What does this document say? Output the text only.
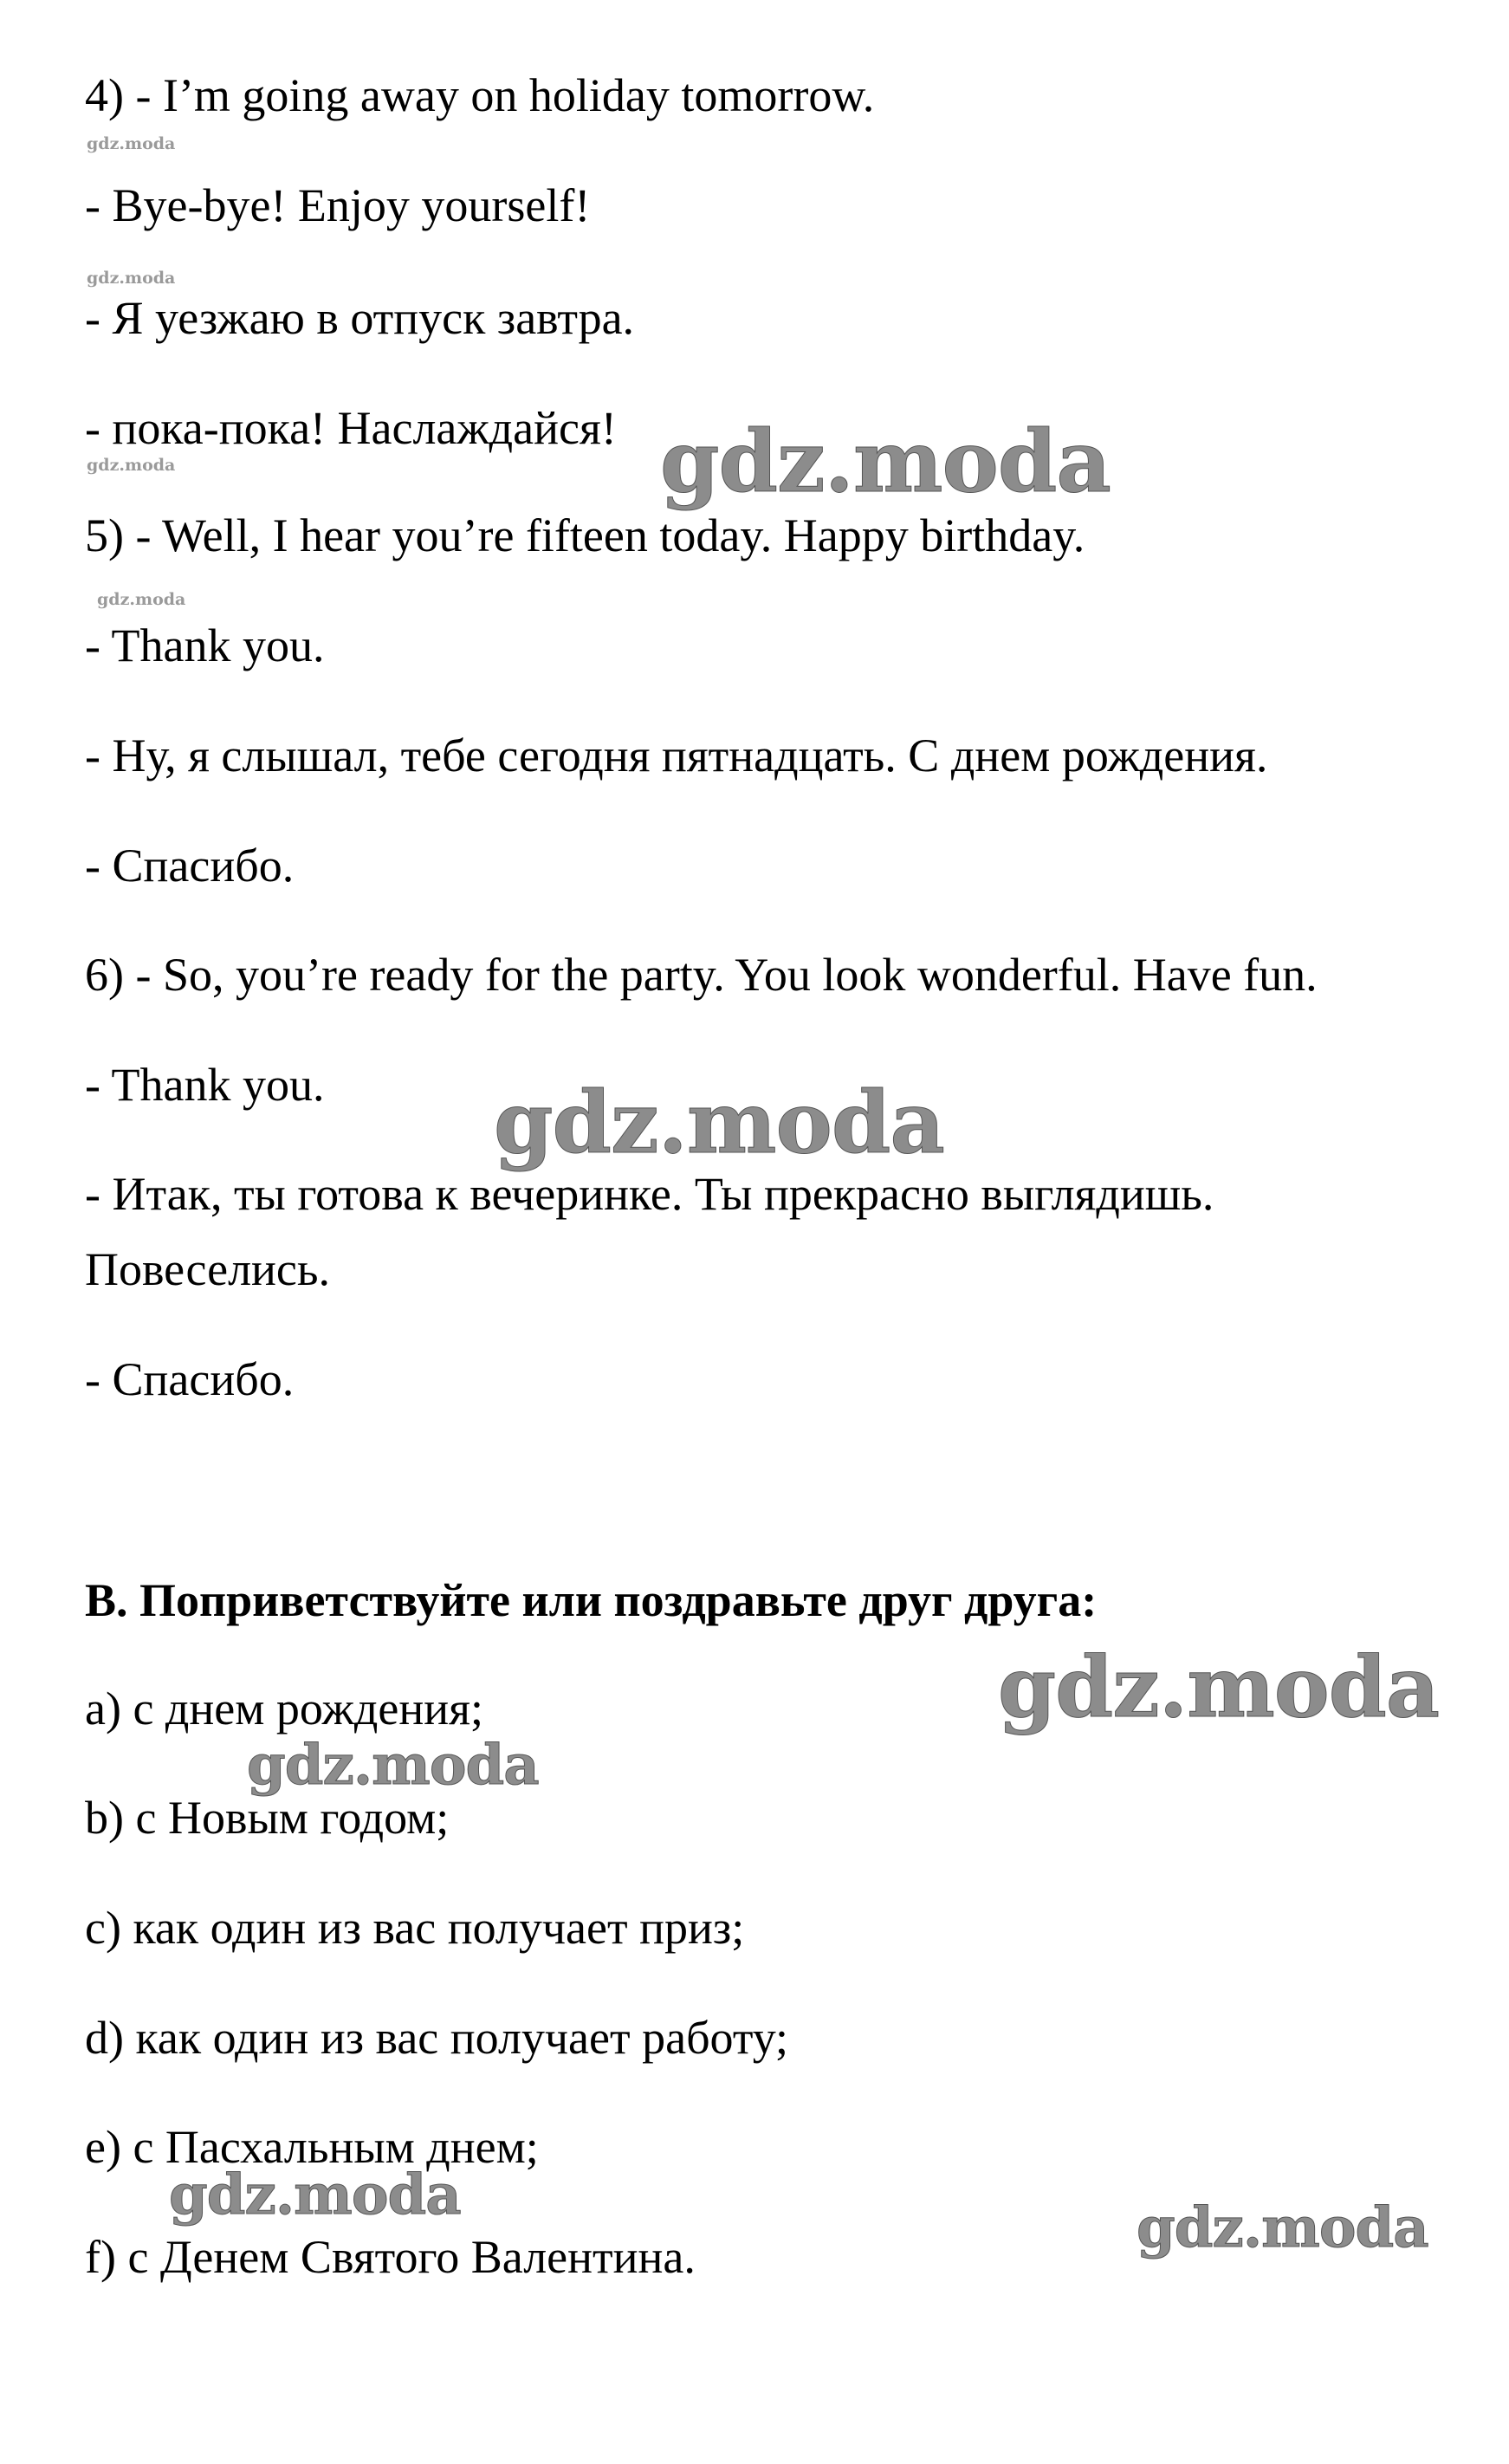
4) - I’m going away on holiday tomorrow.
gdz.moda
- Bye-bye! Enjoy yourself!
gdz.moda
- Я уезжаю в отпуск завтра.
- пока-пока! Наслаждайся!
gdz.moda	gdz.moda
5) - Well, I hear you’re fifteen today. Happy birthday.
gdz.moda
- Thank you.
- Ну, я слышал, тебе сегодня пятнадцать. С днем рождения.
- Спасибо.
6) - So, you’re ready for the party. You look wonderful. Have fun.
- Thank you. gdz.moda
- Итак, ты готова к вечеринке. Ты прекрасно выглядишь.
Повеселись.
- Спасибо.
B. Поприветствуйте или поздравьте друг друга:
gdz.moda
a) с днем рождения;
gdz.moda
b) с Новым годом;
c) как один из вас получает приз;
d) как один из вас получает работу;
e) с Пасхальным днем;
gdz.moda
f) с Денем Святого Валентина.	gdz.moda
